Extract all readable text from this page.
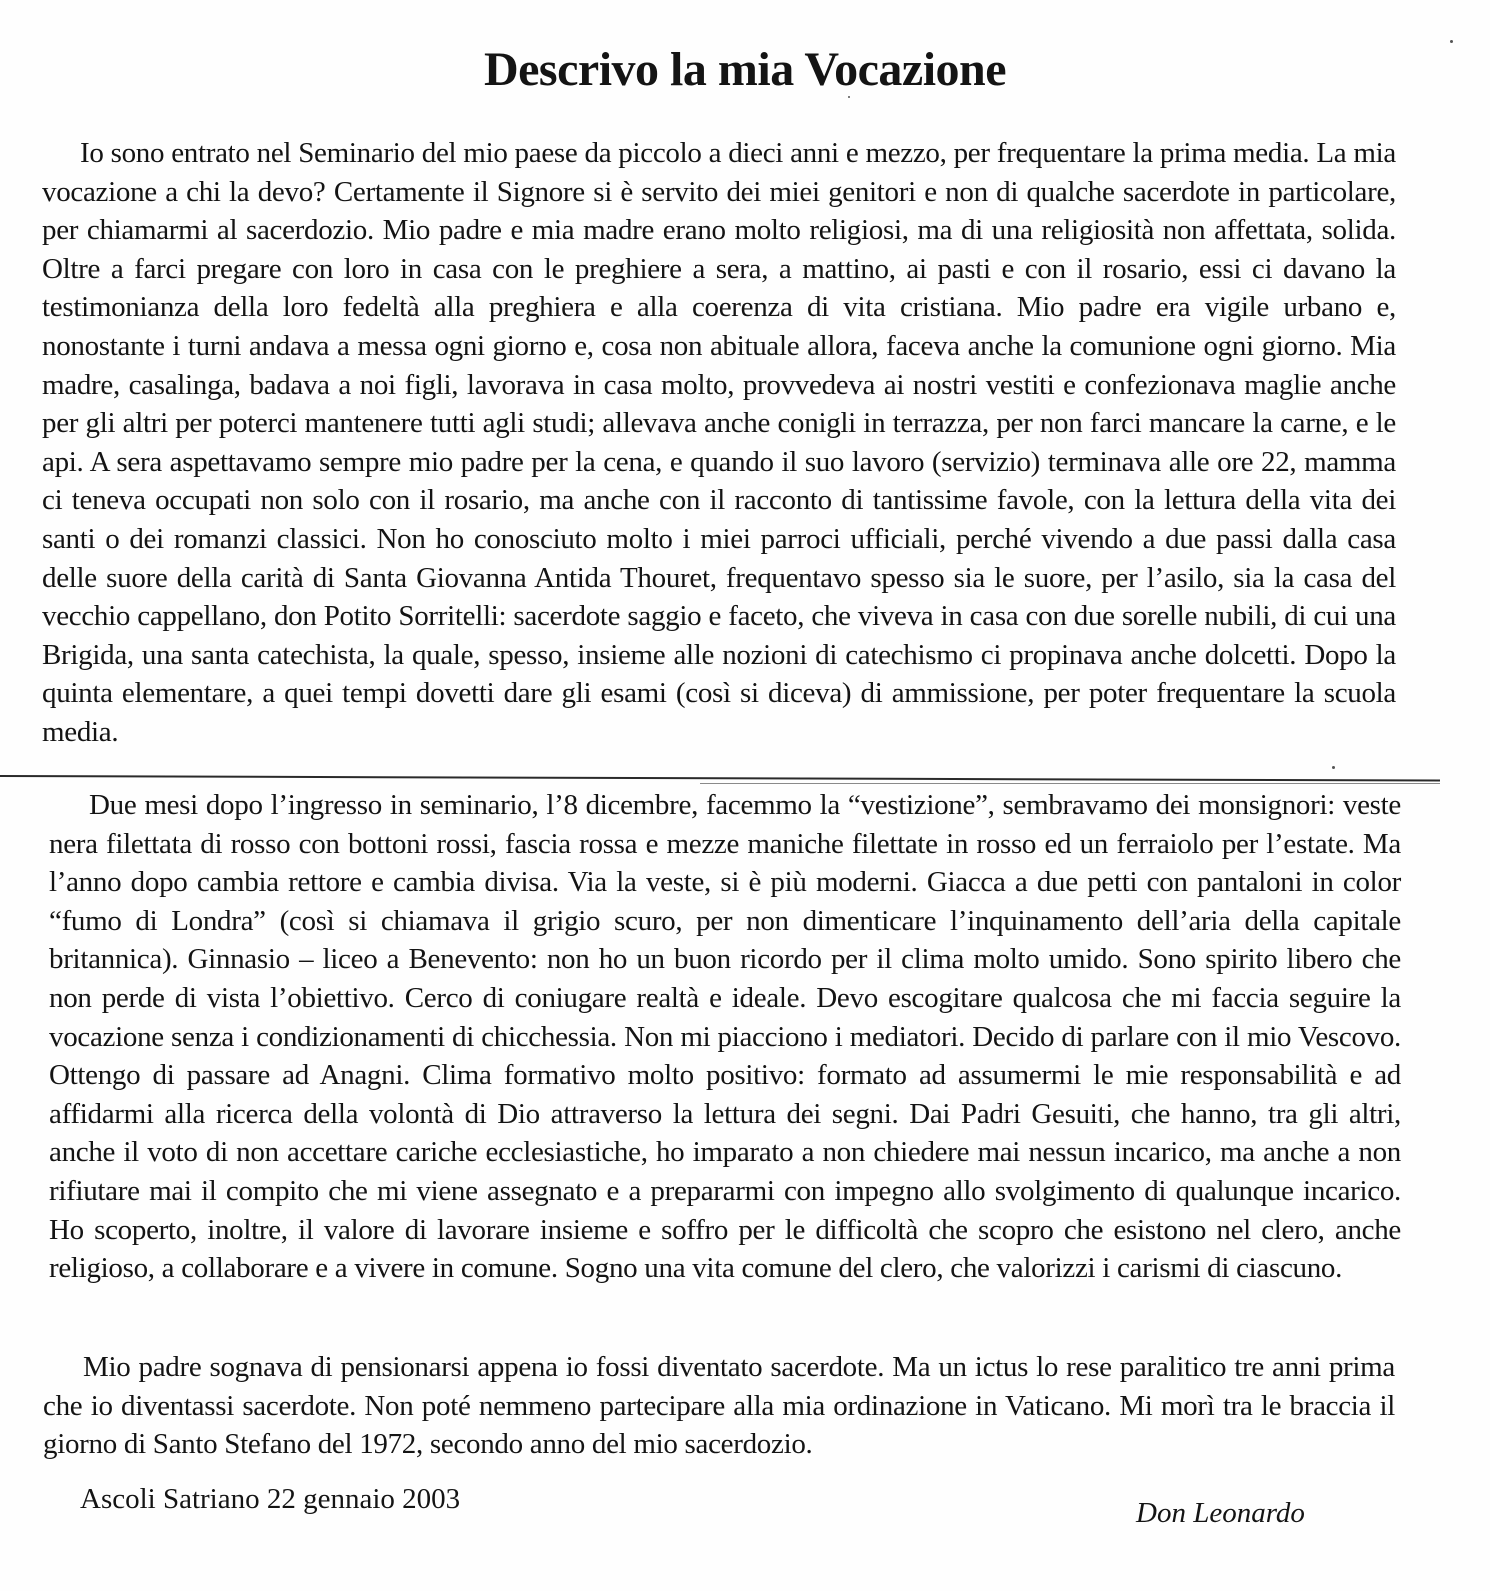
Descrivo la mia Vocazione

Io sono entrato nel Seminario del mio paese da piccolo a dieci anni e mezzo, per frequentare la prima media. La mia vocazione a chi la devo? Certamente il Signore si è servito dei miei genitori e non di qualche sacerdote in particolare, per chiamarmi al sacerdozio. Mio padre e mia madre erano molto religiosi, ma di una religiosità non affettata, solida. Oltre a farci pregare con loro in casa con le preghiere a sera, a mattino, ai pasti e con il rosario, essi ci davano la testimonianza della loro fedeltà alla preghiera e alla coerenza di vita cristiana. Mio padre era vigile urbano e, nonostante i turni andava a messa ogni giorno e, cosa non abituale allora, faceva anche la comunione ogni giorno. Mia madre, casalinga, badava a noi figli, lavorava in casa molto, provvedeva ai nostri vestiti e confezionava maglie anche per gli altri per poterci mantenere tutti agli studi; allevava anche conigli in terrazza, per non farci mancare la carne, e le api. A sera aspettavamo sempre mio padre per la cena, e quando il suo lavoro (servizio) terminava alle ore 22, mamma ci teneva occupati non solo con il rosario, ma anche con il racconto di tantissime favole, con la lettura della vita dei santi o dei romanzi classici. Non ho conosciuto molto i miei parroci ufficiali, perché vivendo a due passi dalla casa delle suore della carità di Santa Giovanna Antida Thouret, frequentavo spesso sia le suore, per l’asilo, sia la casa del vecchio cappellano, don Potito Sorritelli: sacerdote saggio e faceto, che viveva in casa con due sorelle nubili, di cui una Brigida, una santa catechista, la quale, spesso, insieme alle nozioni di catechismo ci propinava anche dolcetti. Dopo la quinta elementare, a quei tempi dovetti dare gli esami (così si diceva) di ammissione, per poter frequentare la scuola media.

Due mesi dopo l’ingresso in seminario, l’8 dicembre, facemmo la “vestizione”, sembravamo dei monsignori: veste nera filettata di rosso con bottoni rossi, fascia rossa e mezze maniche filettate in rosso ed un ferraiolo per l’estate. Ma l’anno dopo cambia rettore e cambia divisa. Via la veste, si è più moderni. Giacca a due petti con pantaloni in color “fumo di Londra” (così si chiamava il grigio scuro, per non dimenticare l’inquinamento dell’aria della capitale britannica). Ginnasio – liceo a Benevento: non ho un buon ricordo per il clima molto umido. Sono spirito libero che non perde di vista l’obiettivo. Cerco di coniugare realtà e ideale. Devo escogitare qualcosa che mi faccia seguire la vocazione senza i condizionamenti di chicchessia. Non mi piacciono i mediatori. Decido di parlare con il mio Vescovo. Ottengo di passare ad Anagni. Clima formativo molto positivo: formato ad assumermi le mie responsabilità e ad affidarmi alla ricerca della volontà di Dio attraverso la lettura dei segni. Dai Padri Gesuiti, che hanno, tra gli altri, anche il voto di non accettare cariche ecclesiastiche, ho imparato a non chiedere mai nessun incarico, ma anche a non rifiutare mai il compito che mi viene assegnato e a prepararmi con impegno allo svolgimento di qualunque incarico. Ho scoperto, inoltre, il valore di lavorare insieme e soffro per le difficoltà che scopro che esistono nel clero, anche religioso, a collaborare e a vivere in comune. Sogno una vita comune del clero, che valorizzi i carismi di ciascuno.

Mio padre sognava di pensionarsi appena io fossi diventato sacerdote. Ma un ictus lo rese paralitico tre anni prima che io diventassi sacerdote. Non poté nemmeno partecipare alla mia ordinazione in Vaticano. Mi morì tra le braccia il giorno di Santo Stefano del 1972, secondo anno del mio sacerdozio.

Ascoli Satriano 22 gennaio 2003	Don Leonardo
